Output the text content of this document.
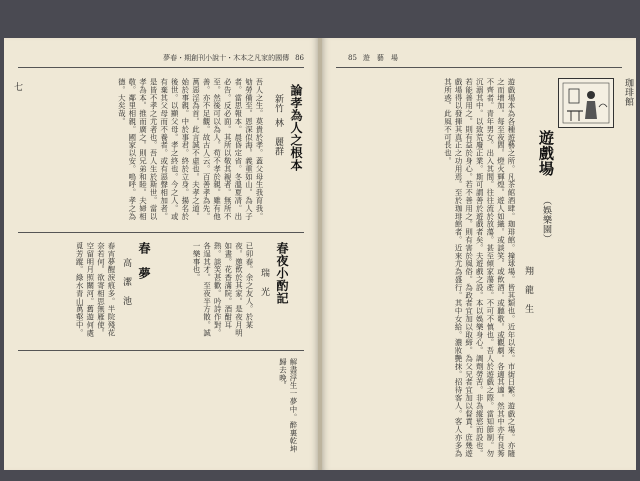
夢春・期創刊小說十・木本之凡家的國傳 86
論孝為人之根本
新竹
林　麗群
吾人之生。莫貴於孝。蓋父母生我育我。劬勞備至。恩深似海。義重如山。為人子者。當思報本。晨昏定省。冬溫夏凊。出必告。反必面。其所以敬其親者。無所不至。然後可以為人。苟不孝於親。雖有他善。亦不足觀。故古人云。百善孝為先。萬惡淫為首。此言誠不虛也。夫孝之道。始於事親。中於事君。終於立身。揚名於後世。以顯父母。孝之終也。今之人。或有棄其父母而不養者。或有惡聲相加者。是皆不孝之尤者也。吾人生於斯世。當以孝為本。推而廣之。則兄弟和睦。夫婦相敬。鄰里相親。國家以安。嗚呼。孝之為德。大矣哉。
春夜小酌記
瑞　光
已卯春。余之友人。於某夜。邀飲於其家。是夜月明如晝。花香滿院。酒酣耳熱。談笑甚歡。吟詩作對。各逞其才。至夜半方散。誠一樂事也。
春　夢
高　潔　池
春宵夢醒淚痕多。半院殘花奈若何。欲寄相思無雁使。空留明月照關河。舊遊何處覓芳蹤。綠水青山萬壑中。
解盡浮生一夢中。醉裏乾坤歸去晚。
七
85 遊　藝　場
珈琲館
遊戲場
（娛樂園）
翔　龍　生
遊戲場本為各種遊藝之所。凡茶館酒肆。珈琲館。撞球場。皆其類也。近年以來。市街日繁。遊戲之場。亦隨之而增加。每至夜間。燈火輝煌。遊人如織。或談笑。或飲酒。或聽歌。或觀劇。各適其適。然其中亦有良莠不齊者。青年男女。出入其間。往往流於放蕩。甚至傾家蕩產。不可不慎也。吾人於遊戲之際。當知節制。勿沉溺其中。以致荒廢正業。斯可謂善於遊戲者矣。夫遊戲之設。本以娛樂身心。調劑勞苦。非為縱慾而設也。若能善用之。則有益於身心。若不善用之。則有害於風俗。為政者宜加以取締。為父兄者宜加以督責。庶幾遊戲場得以發揮其真正之功用焉。至於珈琲館者。近來尤為盛行。其中女給。濃妝艷抹。招待客人。客人亦多為其所惑。此風不可長也。
